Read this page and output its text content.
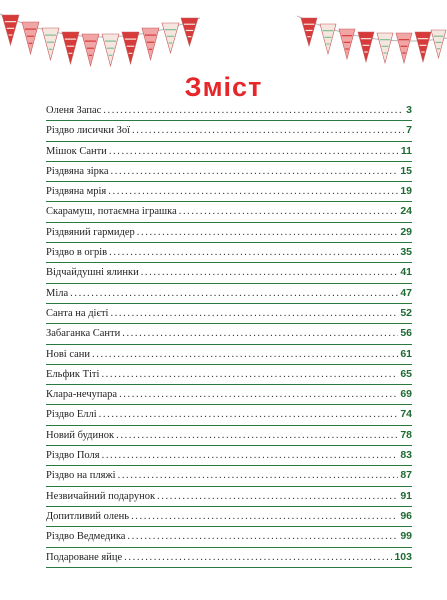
Зміст
Оленя Запас .....	3
Різдво лисички Зої .....	7
Мішок Санти .....	11
Різдвяна зірка .....	15
Різдвяна мрія .....	19
Скарамуш, потаємна іграшка .....	24
Різдвяний гармидер .....	29
Різдво в огрів .....	35
Відчайдушні ялинки .....	41
Міла .....	47
Санта на дієті .....	52
Забаганка Санти .....	56
Нові сани .....	61
Ельфик Тіті .....	65
Клара-нечупара .....	69
Різдво Еллі .....	74
Новий будинок .....	78
Різдво Поля .....	83
Різдво на пляжі .....	87
Незвичайний подарунок .....	91
Допитливий олень .....	96
Різдво Ведмедика .....	99
Подароване яйце .....	103
